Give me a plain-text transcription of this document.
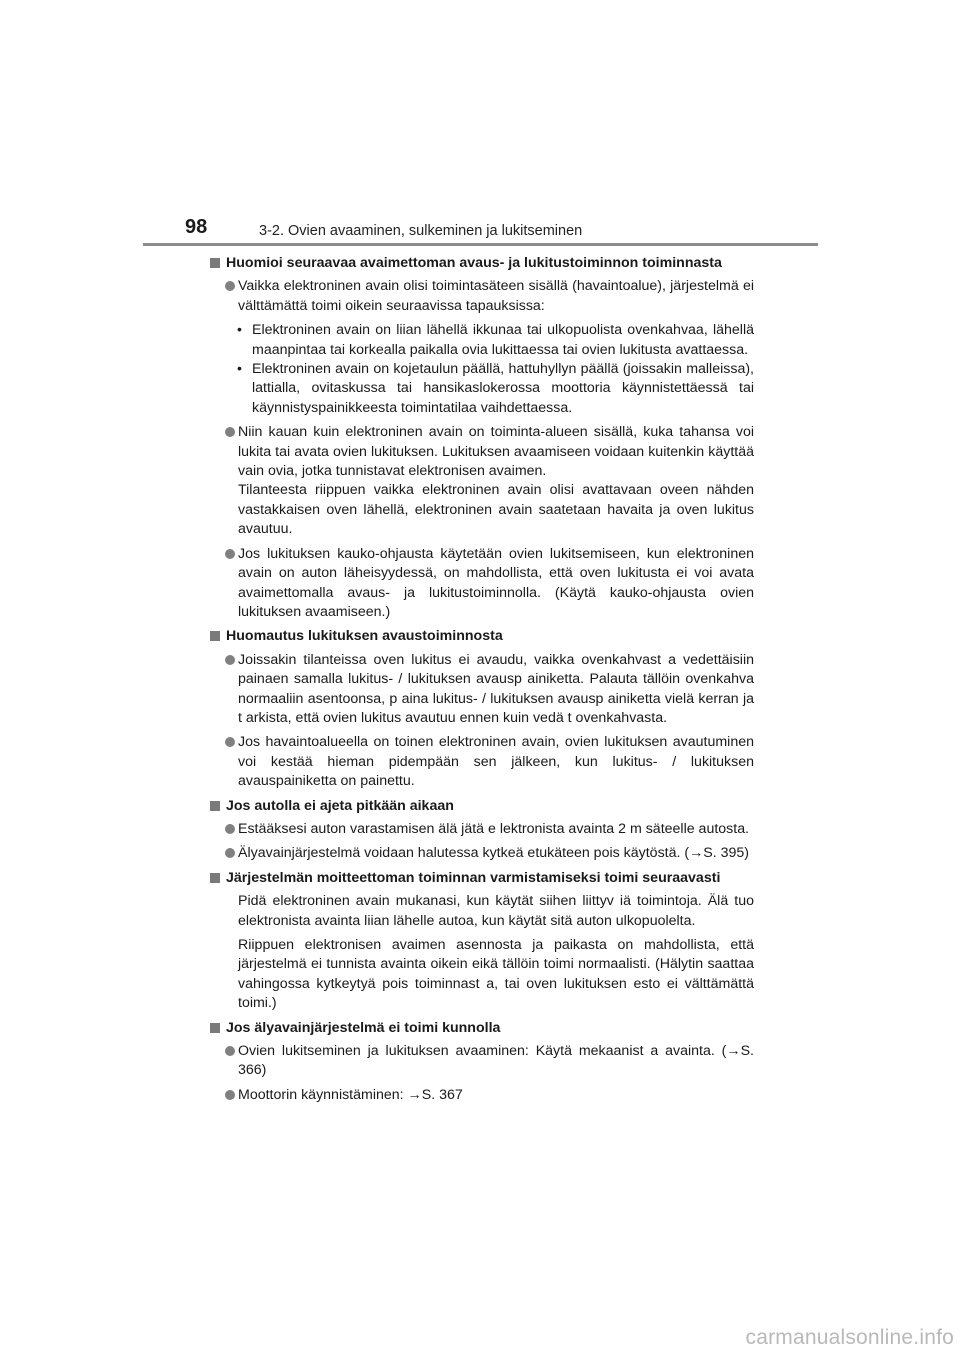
98	3-2. Ovien avaaminen, sulkeminen ja lukitseminen
Huomioi seuraavaa avaimettoman avaus- ja lukitustoiminnon toiminnasta
Vaikka elektroninen avain olisi toimintasäteen sisällä (havaintoalue), järjestelmä ei välttämättä toimi oikein seuraavissa tapauksissa:
• Elektroninen avain on liian lähellä ikkunaa tai ulkopuolista ovenkahvaa, lähellä maanpintaa tai korkealla paikalla ovia lukittaessa tai ovien lukitusta avattaessa.
• Elektroninen avain on kojetaulun päällä, hattuhyllyn päällä (joissakin malleissa), lattialla, ovitaskussa tai hansikaslokerossa moottoria käynnistettäessä tai käynnistyspainikkeesta toimintatilaa vaihdettaessa.
Niin kauan kuin elektroninen avain on toiminta-alueen sisällä, kuka tahansa voi lukita tai avata ovien lukituksen. Lukituksen avaamiseen voidaan kuitenkin käyttää vain ovia, jotka tunnistavat elektronisen avaimen.
Tilanteesta riippuen vaikka elektroninen avain olisi avattavaan oveen nähden vastakkaisen oven lähellä, elektroninen avain saatetaan havaita ja oven lukitus avautuu.
Jos lukituksen kauko-ohjausta käytetään ovien lukitsemiseen, kun elektroninen avain on auton läheisyydessä, on mahdollista, että oven lukitusta ei voi avata avaimettomalla avaus- ja lukitustoiminnolla. (Käytä kauko-ohjausta ovien lukituksen avaamiseen.)
Huomautus lukituksen avaustoiminnosta
Joissakin tilanteissa oven lukitus ei avaudu, vaikka ovenkahvast a vedettäisiin painaen samalla lukitus- / lukituksen avausp ainiketta. Palauta tällöin ovenkahva normaaliin asentoonsa, p aina lukitus- / lukituksen avausp ainiketta vielä kerran ja t arkista, että ovien lukitus avautuu ennen kuin vedä t ovenkahvasta.
Jos havaintoalueella on toinen elektroninen avain, ovien lukituksen avautuminen voi kestää hieman pidempään sen jälkeen, kun lukitus- / lukituksen avauspainiketta on painettu.
Jos autolla ei ajeta pitkään aikaan
Estääksesi auton varastamisen älä jätä e lektronista avainta 2 m säteelle autosta.
Älyavainjärjestelmä voidaan halutessa kytkeä etukäteen pois käytöstä. (→S. 395)
Järjestelmän moitteettoman toiminnan varmistamiseksi toimi seuraavasti
Pidä elektroninen avain mukanasi, kun käytät siihen liittyv iä toimintoja. Älä tuo elektronista avainta liian lähelle autoa, kun käytät sitä auton ulkopuolelta.
Riippuen elektronisen avaimen asennosta ja paikasta on mahdollista, että järjestelmä ei tunnista avainta oikein eikä tällöin toimi normaalisti. (Hälytin saattaa vahingossa kytkeytyä pois toiminnast a, tai oven lukituksen esto ei välttämättä toimi.)
Jos älyavainjärjestelmä ei toimi kunnolla
Ovien lukitseminen ja lukituksen avaaminen: Käytä mekaanist a avainta. (→S. 366)
Moottorin käynnistäminen: →S. 367
carmanualsonline.info
